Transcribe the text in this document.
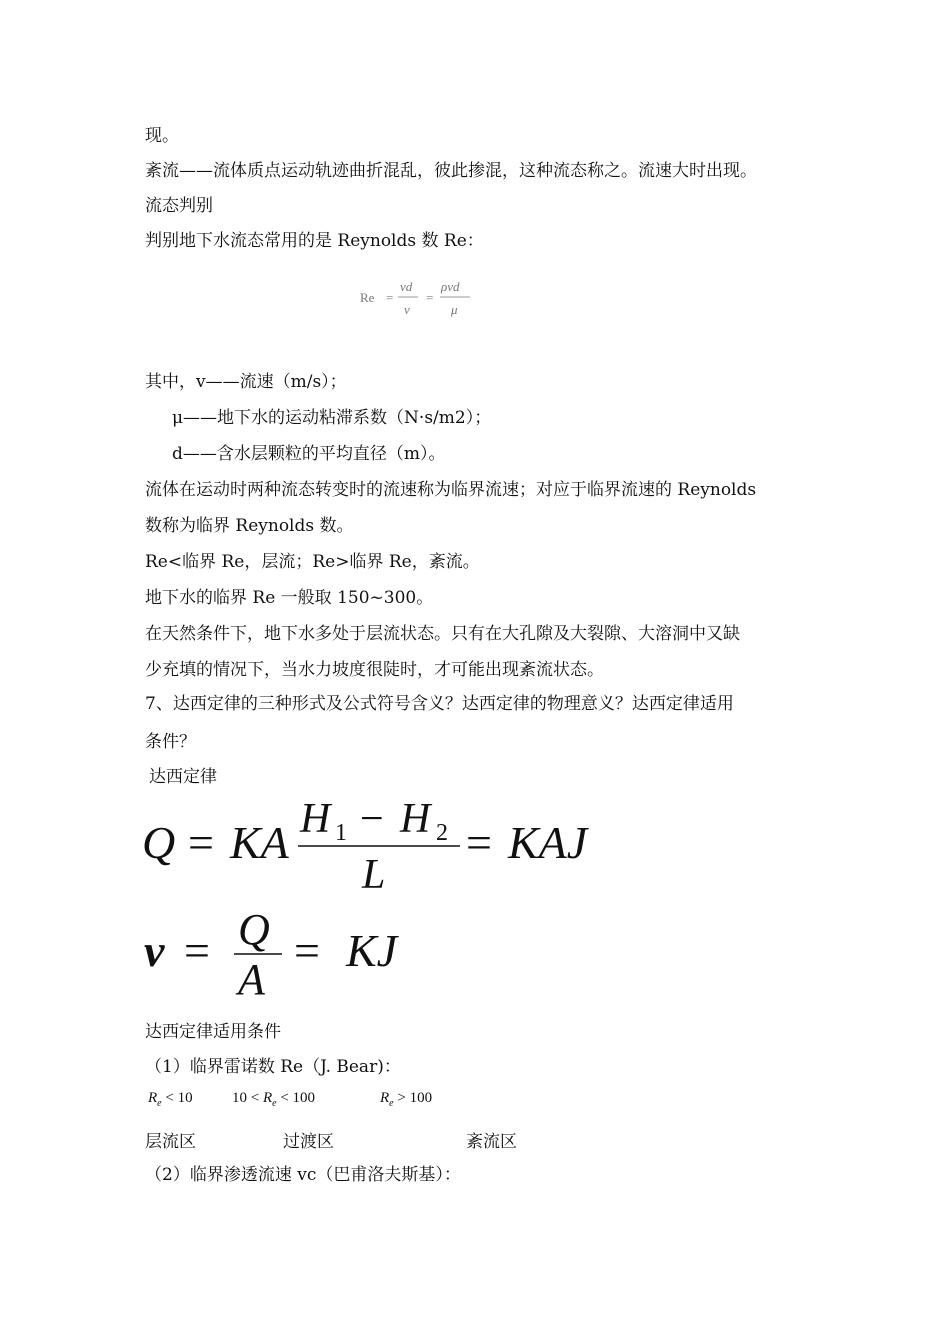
现。
紊流——流体质点运动轨迹曲折混乱，彼此掺混，这种流态称之。流速大时出现。
流态判别
判别地下水流态常用的是 Reynolds 数 Re：
Re =
vd
v
=
ρvd
μ
其中，v——流速（m/s）；
μ——地下水的运动粘滞系数（N·s/m2）；
d——含水层颗粒的平均直径（m）。
流体在运动时两种流态转变时的流速称为临界流速；对应于临界流速的 Reynolds
数称为临界 Reynolds 数。
Re<临界 Re，层流；Re>临界 Re，紊流。
地下水的临界 Re 一般取 150~300。
在天然条件下，地下水多处于层流状态。只有在大孔隙及大裂隙、大溶洞中又缺
少充填的情况下，当水力坡度很陡时，才可能出现紊流状态。
7、达西定律的三种形式及公式符号含义？达西定律的物理意义？达西定律适用
条件？
达西定律
Q = KA H 1 − H 2
L
= KAJ
v = Q
A
= KJ
达西定律适用条件
（1）临界雷诺数 Re（J. Bear)：
$R_e < 10$	$10 < R_e < 100$	$R_e > 100$
层流区	过渡区	紊流区
（2）临界渗透流速 vc（巴甫洛夫斯基）：
